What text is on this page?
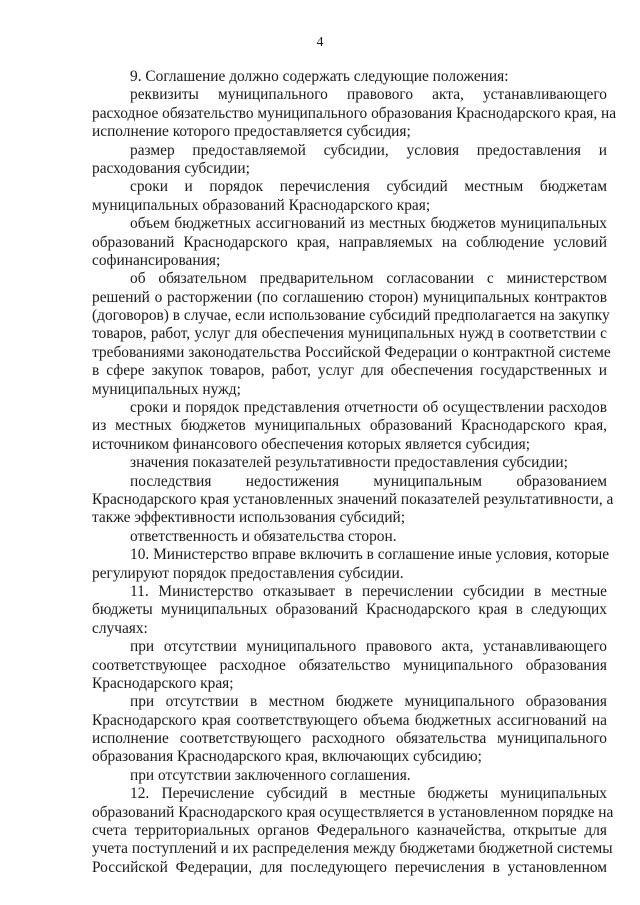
4
9. Соглашение должно содержать следующие положения:
реквизиты муниципального правового акта, устанавливающего
расходное обязательство муниципального образования Краснодарского края, на
исполнение которого предоставляется субсидия;
размер предоставляемой субсидии, условия предоставления и
расходования субсидии;
сроки и порядок перечисления субсидий местным бюджетам
муниципальных образований Краснодарского края;
объем бюджетных ассигнований из местных бюджетов муниципальных
образований Краснодарского края, направляемых на соблюдение условий
софинансирования;
об обязательном предварительном согласовании с министерством
решений о расторжении (по соглашению сторон) муниципальных контрактов
(договоров) в случае, если использование субсидий предполагается на закупку
товаров, работ, услуг для обеспечения муниципальных нужд в соответствии с
требованиями законодательства Российской Федерации о контрактной системе
в сфере закупок товаров, работ, услуг для обеспечения государственных и
муниципальных нужд;
сроки и порядок представления отчетности об осуществлении расходов
из местных бюджетов муниципальных образований Краснодарского края,
источником финансового обеспечения которых является субсидия;
значения показателей результативности предоставления субсидии;
последствия недостижения муниципальным образованием
Краснодарского края установленных значений показателей результативности, а
также эффективности использования субсидий;
ответственность и обязательства сторон.
10. Министерство вправе включить в соглашение иные условия, которые
регулируют порядок предоставления субсидии.
11. Министерство отказывает в перечислении субсидии в местные
бюджеты муниципальных образований Краснодарского края в следующих
случаях:
при отсутствии муниципального правового акта, устанавливающего
соответствующее расходное обязательство муниципального образования
Краснодарского края;
при отсутствии в местном бюджете муниципального образования
Краснодарского края соответствующего объема бюджетных ассигнований на
исполнение соответствующего расходного обязательства муниципального
образования Краснодарского края, включающих субсидию;
при отсутствии заключенного соглашения.
12. Перечисление субсидий в местные бюджеты муниципальных
образований Краснодарского края осуществляется в установленном порядке на
счета территориальных органов Федерального казначейства, открытые для
учета поступлений и их распределения между бюджетами бюджетной системы
Российской Федерации, для последующего перечисления в установленном
